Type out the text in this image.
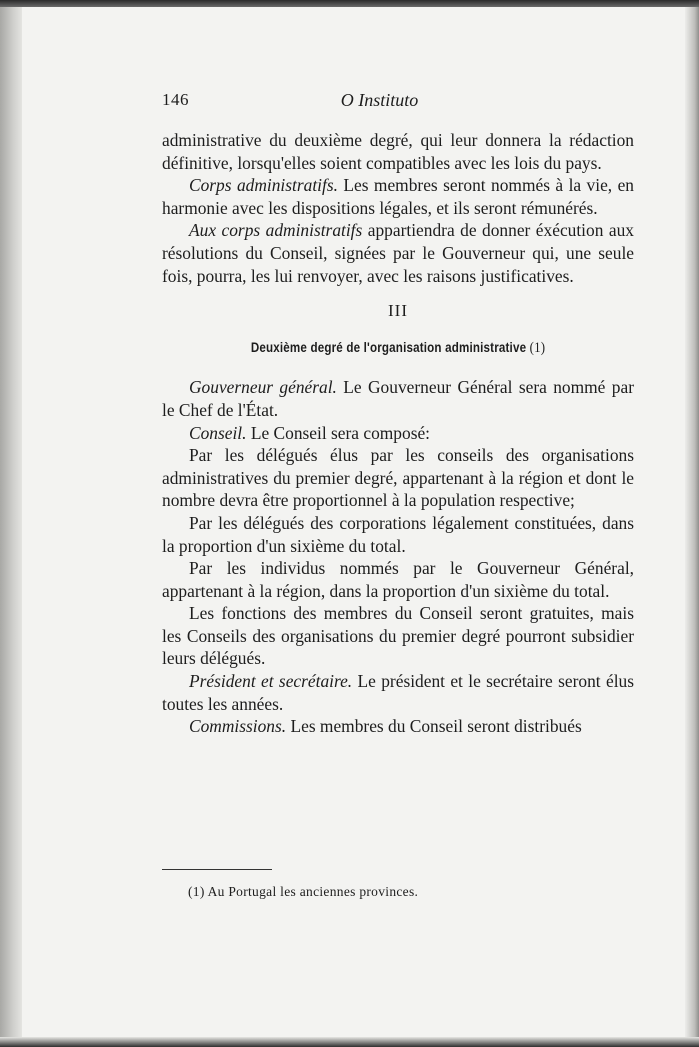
146	O Instituto

administrative du deuxième degré, qui leur donnera la rédaction définitive, lorsqu'elles soient compatibles avec les lois du pays.

Corps administratifs. Les membres seront nommés à la vie, en harmonie avec les dispositions légales, et ils seront rémunérés.

Aux corps administratifs appartiendra de donner éxécution aux résolutions du Conseil, signées par le Gouverneur qui, une seule fois, pourra, les lui renvoyer, avec les raisons justificatives.

III

Deuxième degré de l'organisation administrative (1)

Gouverneur général. Le Gouverneur Général sera nommé par le Chef de l'État.

Conseil. Le Conseil sera composé:

Par les délégués élus par les conseils des organisations administratives du premier degré, appartenant à la région et dont le nombre devra être proportionnel à la population respective;

Par les délégués des corporations légalement constituées, dans la proportion d'un sixième du total.

Par les individus nommés par le Gouverneur Général, appartenant à la région, dans la proportion d'un sixième du total.

Les fonctions des membres du Conseil seront gratuites, mais les Conseils des organisations du premier degré pourront subsidier leurs délégués.

Président et secrétaire. Le président et le secrétaire seront élus toutes les années.

Commissions. Les membres du Conseil seront distribués

(1) Au Portugal les anciennes provinces.
